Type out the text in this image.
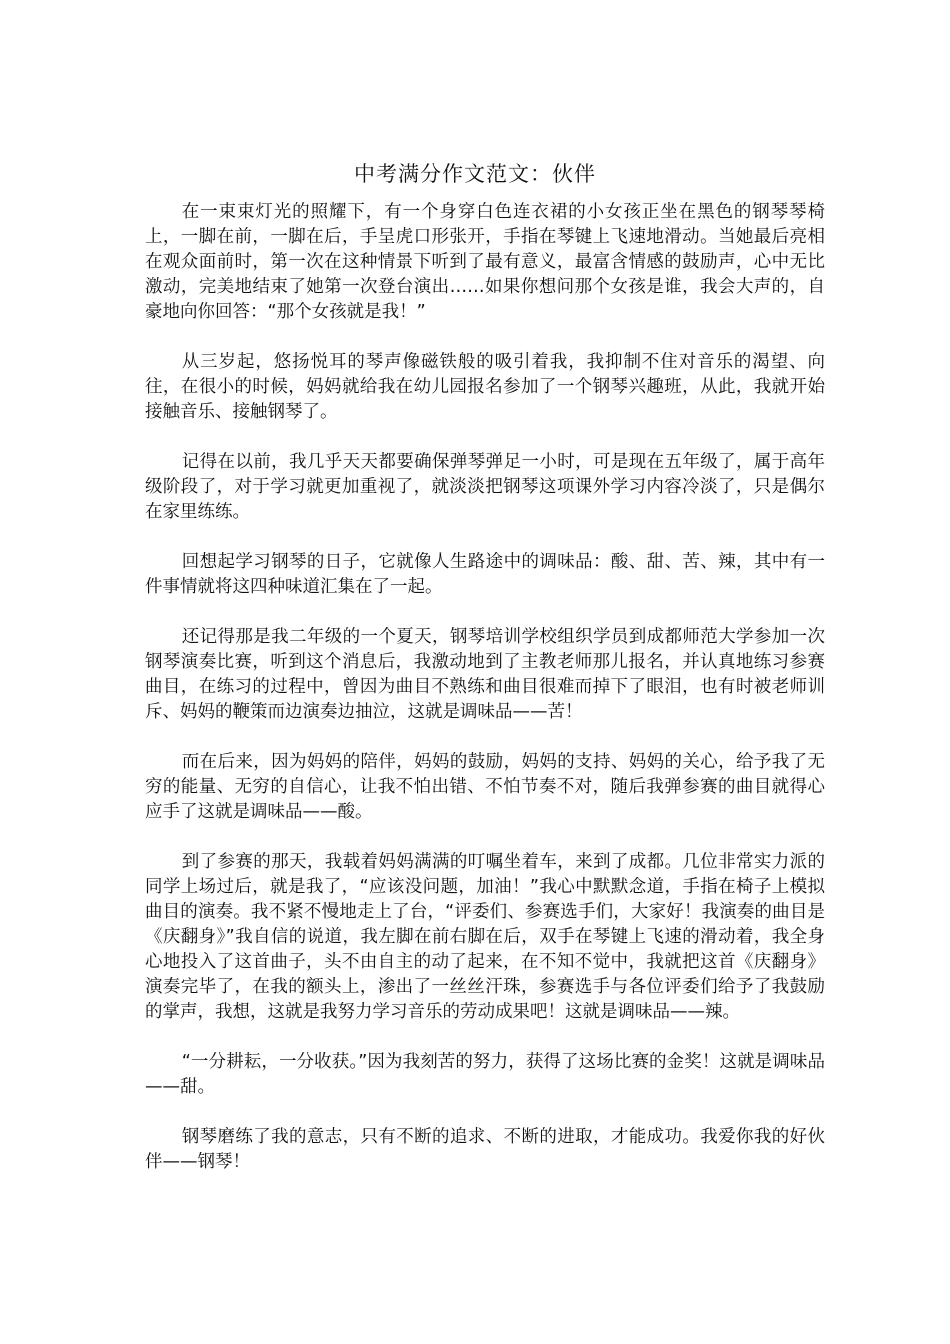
中考满分作文范文：伙伴

在一束束灯光的照耀下，有一个身穿白色连衣裙的小女孩正坐在黑色的钢琴琴椅上，一脚在前，一脚在后，手呈虎口形张开，手指在琴键上飞速地滑动。当她最后亮相在观众面前时，第一次在这种情景下听到了最有意义，最富含情感的鼓励声，心中无比激动，完美地结束了她第一次登台演出……如果你想问那个女孩是谁，我会大声的，自豪地向你回答：“那个女孩就是我！”

从三岁起，悠扬悦耳的琴声像磁铁般的吸引着我，我抑制不住对音乐的渴望、向往，在很小的时候，妈妈就给我在幼儿园报名参加了一个钢琴兴趣班，从此，我就开始接触音乐、接触钢琴了。

记得在以前，我几乎天天都要确保弹琴弹足一小时，可是现在五年级了，属于高年级阶段了，对于学习就更加重视了，就淡淡把钢琴这项课外学习内容冷淡了，只是偶尔在家里练练。

回想起学习钢琴的日子，它就像人生路途中的调味品：酸、甜、苦、辣，其中有一件事情就将这四种味道汇集在了一起。

还记得那是我二年级的一个夏天，钢琴培训学校组织学员到成都师范大学参加一次钢琴演奏比赛，听到这个消息后，我激动地到了主教老师那儿报名，并认真地练习参赛曲目，在练习的过程中，曾因为曲目不熟练和曲目很难而掉下了眼泪，也有时被老师训斥、妈妈的鞭策而边演奏边抽泣，这就是调味品——苦！

而在后来，因为妈妈的陪伴，妈妈的鼓励，妈妈的支持、妈妈的关心，给予我了无穷的能量、无穷的自信心，让我不怕出错、不怕节奏不对，随后我弹参赛的曲目就得心应手了这就是调味品——酸。

到了参赛的那天，我载着妈妈满满的叮嘱坐着车，来到了成都。几位非常实力派的同学上场过后，就是我了，“应该没问题，加油！”我心中默默念道，手指在椅子上模拟曲目的演奏。我不紧不慢地走上了台，“评委们、参赛选手们，大家好！我演奏的曲目是《庆翻身》”我自信的说道，我左脚在前右脚在后，双手在琴键上飞速的滑动着，我全身心地投入了这首曲子，头不由自主的动了起来，在不知不觉中，我就把这首《庆翻身》演奏完毕了，在我的额头上，渗出了一丝丝汗珠，参赛选手与各位评委们给予了我鼓励的掌声，我想，这就是我努力学习音乐的劳动成果吧！这就是调味品——辣。

“一分耕耘，一分收获。”因为我刻苦的努力，获得了这场比赛的金奖！这就是调味品——甜。

钢琴磨练了我的意志，只有不断的追求、不断的进取，才能成功。我爱你我的好伙伴——钢琴！
